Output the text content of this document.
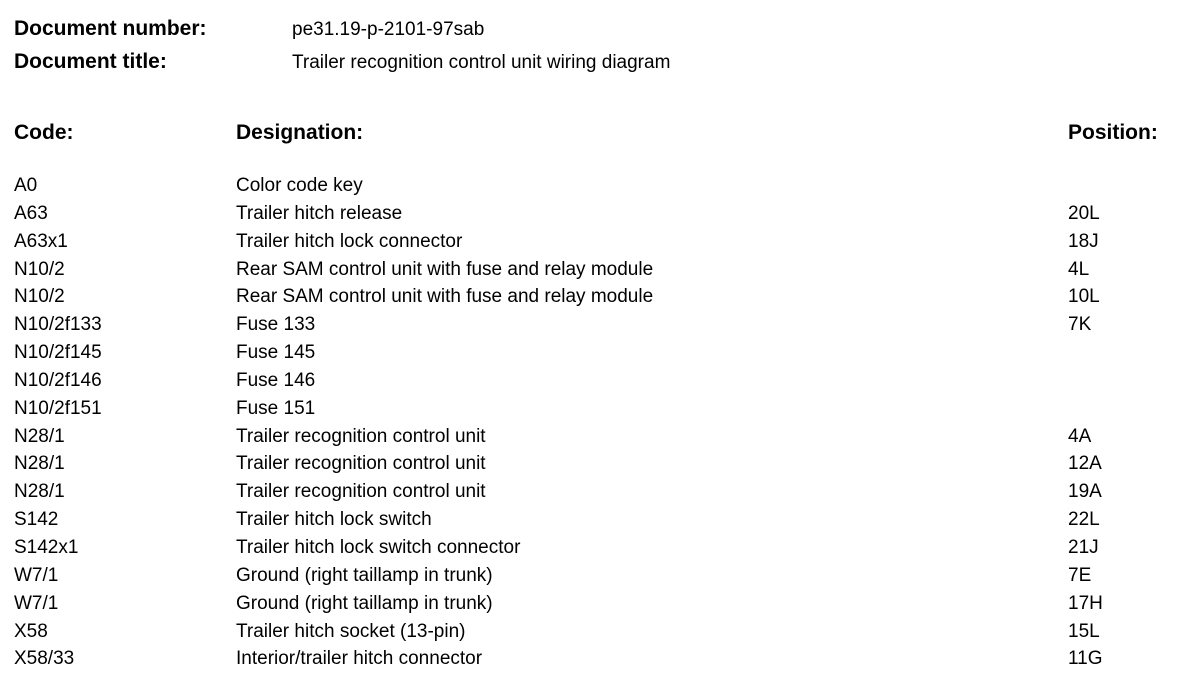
Document number:	pe31.19-p-2101-97sab
Document title:	Trailer recognition control unit wiring diagram
Code:	Designation:	Position:
A0	Color code key
A63	Trailer hitch release	20L
A63x1	Trailer hitch lock connector	18J
N10/2	Rear SAM control unit with fuse and relay module	4L
N10/2	Rear SAM control unit with fuse and relay module	10L
N10/2f133	Fuse 133	7K
N10/2f145	Fuse 145
N10/2f146	Fuse 146
N10/2f151	Fuse 151
N28/1	Trailer recognition control unit	4A
N28/1	Trailer recognition control unit	12A
N28/1	Trailer recognition control unit	19A
S142	Trailer hitch lock switch	22L
S142x1	Trailer hitch lock switch connector	21J
W7/1	Ground (right taillamp in trunk)	7E
W7/1	Ground (right taillamp in trunk)	17H
X58	Trailer hitch socket (13-pin)	15L
X58/33	Interior/trailer hitch connector	11G
